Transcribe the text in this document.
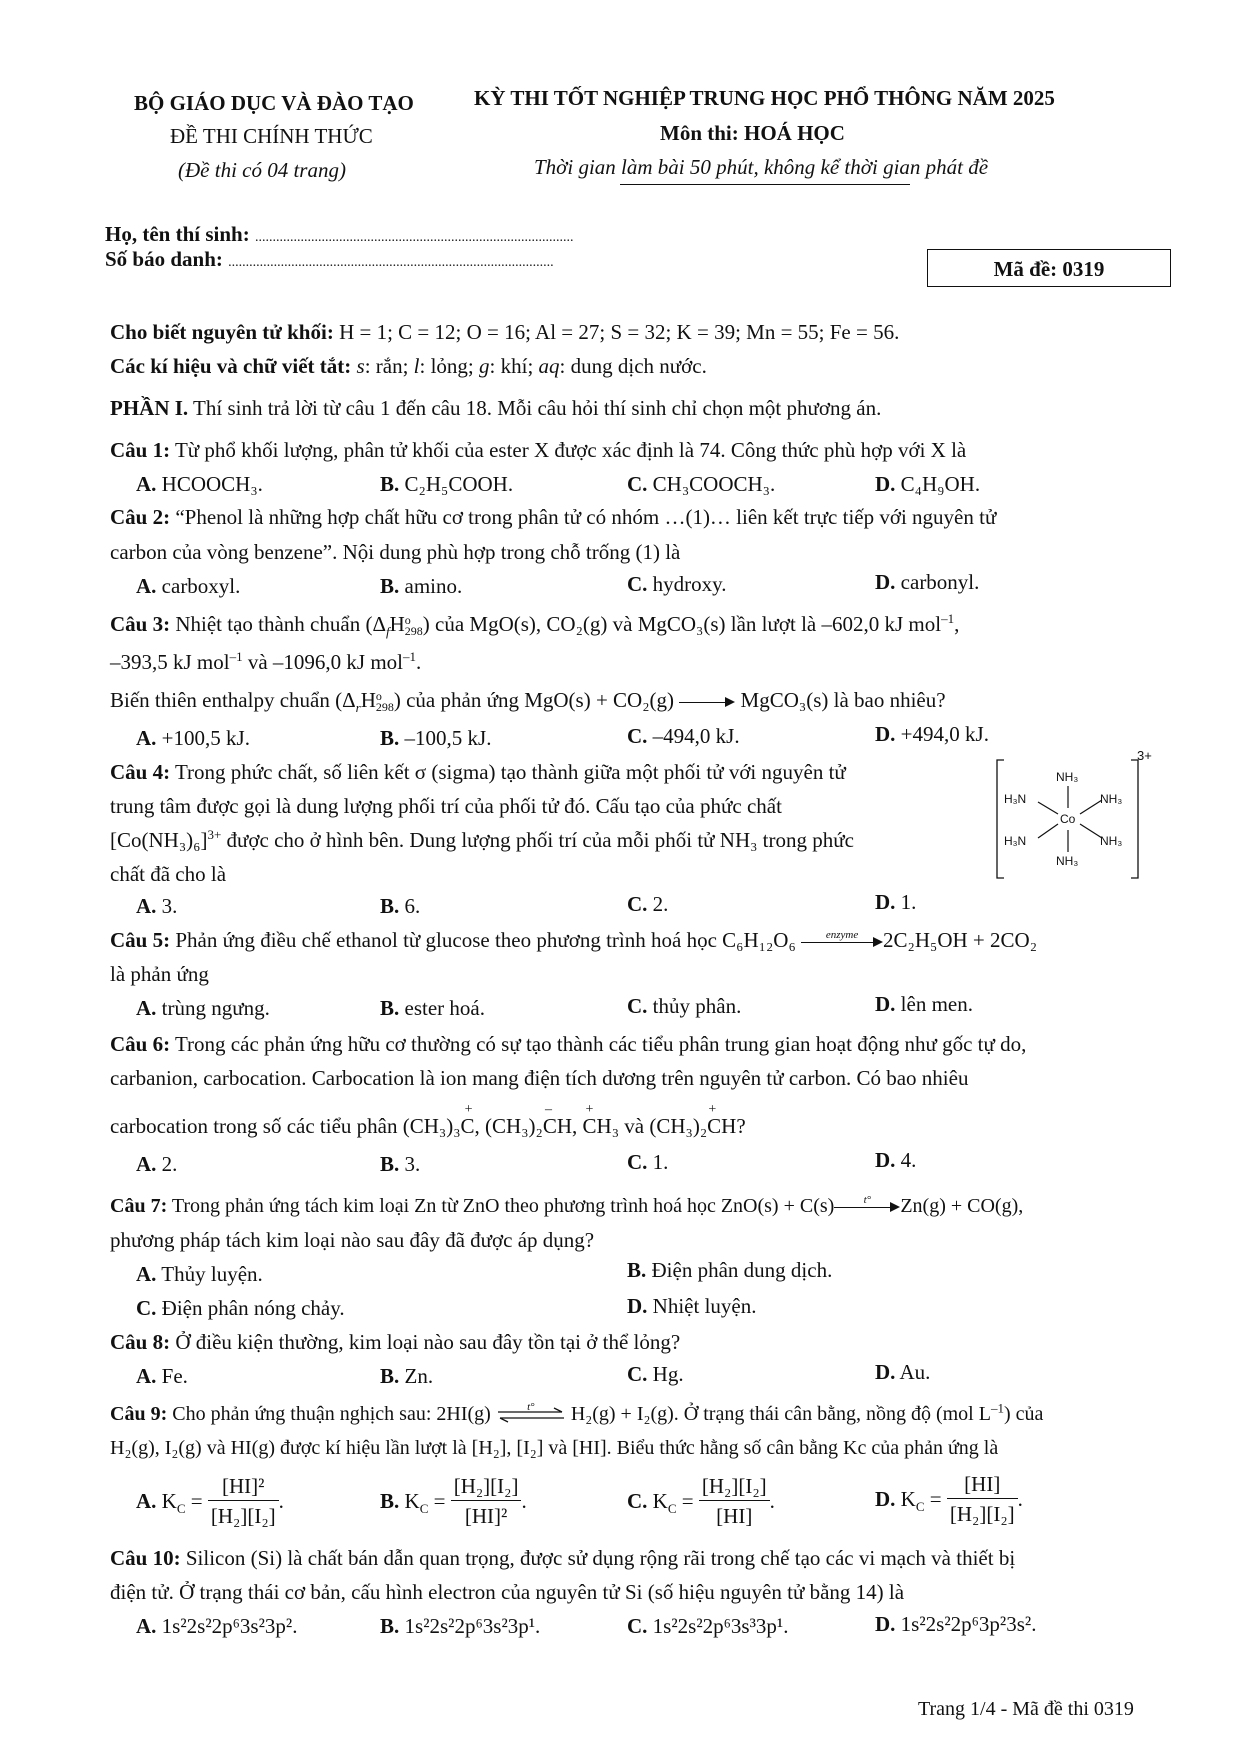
BỘ GIÁO DỤC VÀ ĐÀO TẠO
ĐỀ THI CHÍNH THỨC
(Đề thi có 04 trang)
KỲ THI TỐT NGHIỆP TRUNG HỌC PHỔ THÔNG NĂM 2025
Môn thi: HOÁ HỌC
Thời gian làm bài 50 phút, không kể thời gian phát đề
Họ, tên thí sinh: ...........................................................................................
Số báo danh: .............................................................................................	Mã đề: 0319
Cho biết nguyên tử khối: H = 1; C = 12; O = 16; Al = 27; S = 32; K = 39; Mn = 55; Fe = 56.
Các kí hiệu và chữ viết tắt: s: rắn; l: lỏng; g: khí; aq: dung dịch nước.
PHẦN I. Thí sinh trả lời từ câu 1 đến câu 18. Mỗi câu hỏi thí sinh chỉ chọn một phương án.
Câu 1: Từ phổ khối lượng, phân tử khối của ester X được xác định là 74. Công thức phù hợp với X là
A. HCOOCH₃.	B. C₂H₅COOH.	C. CH₃COOCH₃.	D. C₄H₉OH.
Câu 2: “Phenol là những hợp chất hữu cơ trong phân tử có nhóm …(1)… liên kết trực tiếp với nguyên tử
carbon của vòng benzene”. Nội dung phù hợp trong chỗ trống (1) là
A. carboxyl.	B. amino.	C. hydroxy.	D. carbonyl.
Câu 3: Nhiệt tạo thành chuẩn ($\Delta_fH$ o
298 ) của MgO(s), CO₂(g) và MgCO₃(s) lần lượt là –602,0 kJ mol$^{-1}$,
–393,5 kJ mol$^{-1}$ và –1096,0 kJ mol$^{-1}$.
Biến thiên enthalpy chuẩn ($\Delta_rH$ o
298 ) của phản ứng MgO(s) + CO₂(g)	MgCO₃(s) là bao nhiêu?
A. +100,5 kJ.	B. –100,5 kJ.	C. –494,0 kJ.	D. +494,0 kJ.
Câu 4: Trong phức chất, số liên kết σ (sigma) tạo thành giữa một phối tử với nguyên tử
trung tâm được gọi là dung lượng phối trí của phối tử đó. Cấu tạo của phức chất
$[Co(NH_3)_6]^{3+}$ được cho ở hình bên. Dung lượng phối trí của mỗi phối tử NH₃ trong phức
chất đã cho là
A. 3.	B. 6.	C. 2.	D. 1.
NH₃
H₃N	NH₃
Co
H₃N	NH₃
NH₃
3+
Câu 5: Phản ứng điều chế ethanol từ glucose theo phương trình hoá học C₆H₁₂O₆	enzyme	2C₂H₅OH + 2CO₂
là phản ứng
A. trùng ngưng.	B. ester hoá.	C. thủy phân.	D. lên men.
Câu 6: Trong các phản ứng hữu cơ thường có sự tạo thành các tiểu phân trung gian hoạt động như gốc tự do,
carbanion, carbocation. Carbocation là ion mang điện tích dương trên nguyên tử carbon. Có bao nhiêu
carbocation trong số các tiểu phân (CH₃)₃C
+
, (CH₃)₂CH
–
, CH₃
+
và (CH₃)₂CH
+
?
A. 2.	B. 3.	C. 1.	D. 4.
Câu 7: Trong phản ứng tách kim loại Zn từ ZnO theo phương trình hoá học ZnO(s) + C(s)	t°	Zn(g) + CO(g),
phương pháp tách kim loại nào sau đây đã được áp dụng?
A. Thủy luyện.	B. Điện phân dung dịch.
C. Điện phân nóng chảy.	D. Nhiệt luyện.
Câu 8: Ở điều kiện thường, kim loại nào sau đây tồn tại ở thể lỏng?
A. Fe.	B. Zn.	C. Hg.	D. Au.
Câu 9: Cho phản ứng thuận nghịch sau: 2HI(g)	t°	H₂(g) + I₂(g). Ở trạng thái cân bằng, nồng độ (mol $L^{-1}$) của
H₂(g), I₂(g) và HI(g) được kí hiệu lần lượt là [H₂], [I₂] và [HI]. Biểu thức hằng số cân bằng Kc của phản ứng là
A. $K_C = \frac{\text{[HI]²}}{\text{[H₂][I₂]}}$ .	B. $K_C = \frac{\text{[H₂][I₂]}}{\text{[HI]²}}$ .	C. $K_C = \frac{\text{[H₂][I₂]}}{[HI]}$ .	D. $K_C = \frac{[HI]}{\text{[H₂][I₂]}}$ .
Câu 10: Silicon (Si) là chất bán dẫn quan trọng, được sử dụng rộng rãi trong chế tạo các vi mạch và thiết bị
điện tử. Ở trạng thái cơ bản, cấu hình electron của nguyên tử Si (số hiệu nguyên tử bằng 14) là
A. 1s²2s²2p⁶3s²3p².	B. 1s²2s²2p⁶3s²3p¹.	C. 1s²2s²2p⁶3s³3p¹.	D. 1s²2s²2p⁶3p²3s².
Trang 1/4 - Mã đề thi 0319
